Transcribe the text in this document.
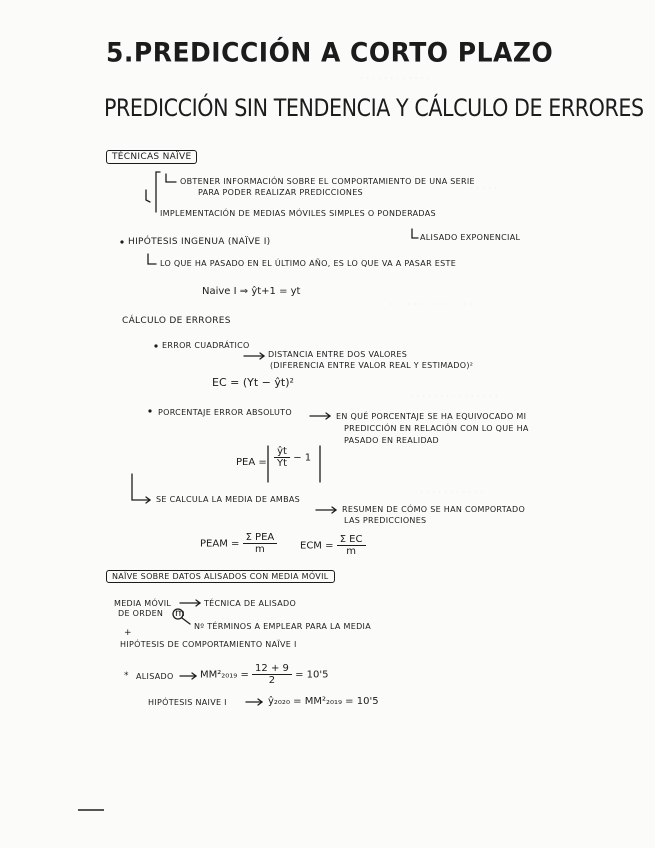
· · · · · · · · · · · ·
· · · · ·
· · · · · · · · · · · · · ·
· · · · · · · · · · · · · · ·
· · · · · · · · · · ·
5.PREDICCIÓN A CORTO PLAZO
PREDICCIÓN SIN TENDENCIA Y CÁLCULO DE ERRORES
TÉCNICAS NAÏVE
OBTENER INFORMACIÓN SOBRE EL COMPORTAMIENTO DE UNA SERIE
PARA PODER REALIZAR PREDICCIONES
IMPLEMENTACIÓN DE MEDIAS MÓVILES SIMPLES O PONDERADAS
ALISADO EXPONENCIAL
HIPÓTESIS INGENUA (NAÏVE I)
LO QUE HA PASADO EN EL ÚLTIMO AÑO, ES LO QUE VA A PASAR ESTE
Naive I ⇒ ŷt+1 = yt
CÁLCULO DE ERRORES
ERROR CUADRÁTICO
DISTANCIA ENTRE DOS VALORES
(DIFERENCIA ENTRE VALOR REAL Y ESTIMADO)²
EC = (Yt − ŷt)²
PORCENTAJE ERROR ABSOLUTO	EN QUÉ PORCENTAJE SE HA EQUIVOCADO MI
PREDICCIÓN EN RELACIÓN CON LO QUE HA
PASADO EN REALIDAD
PEA = $\frac{ŷt}{Yt} - 1$
SE CALCULA LA MEDIA DE AMBAS
RESUMEN DE CÓMO SE HAN COMPORTADO
LAS PREDICCIONES
PEAM = $\frac{\text{Σ PEA}}{m}$ ECM = $\frac{\text{Σ EC}}{m}$
NAÏVE SOBRE DATOS ALISADOS CON MEDIA MÓVIL
MEDIA MÓVIL	TÉCNICA DE ALISADO
DE ORDEN m
Nº TÉRMINOS A EMPLEAR PARA LA MEDIA
+
HIPÓTESIS DE COMPORTAMIENTO NAÏVE I
* ALISADO	$MM^2_{2019} = \frac{12 + 9}{2} = 10'5$
HIPÓTESIS NAIVE I	ŷ₂₀₂₀ = MM²₂₀₁₉ = 10'5
